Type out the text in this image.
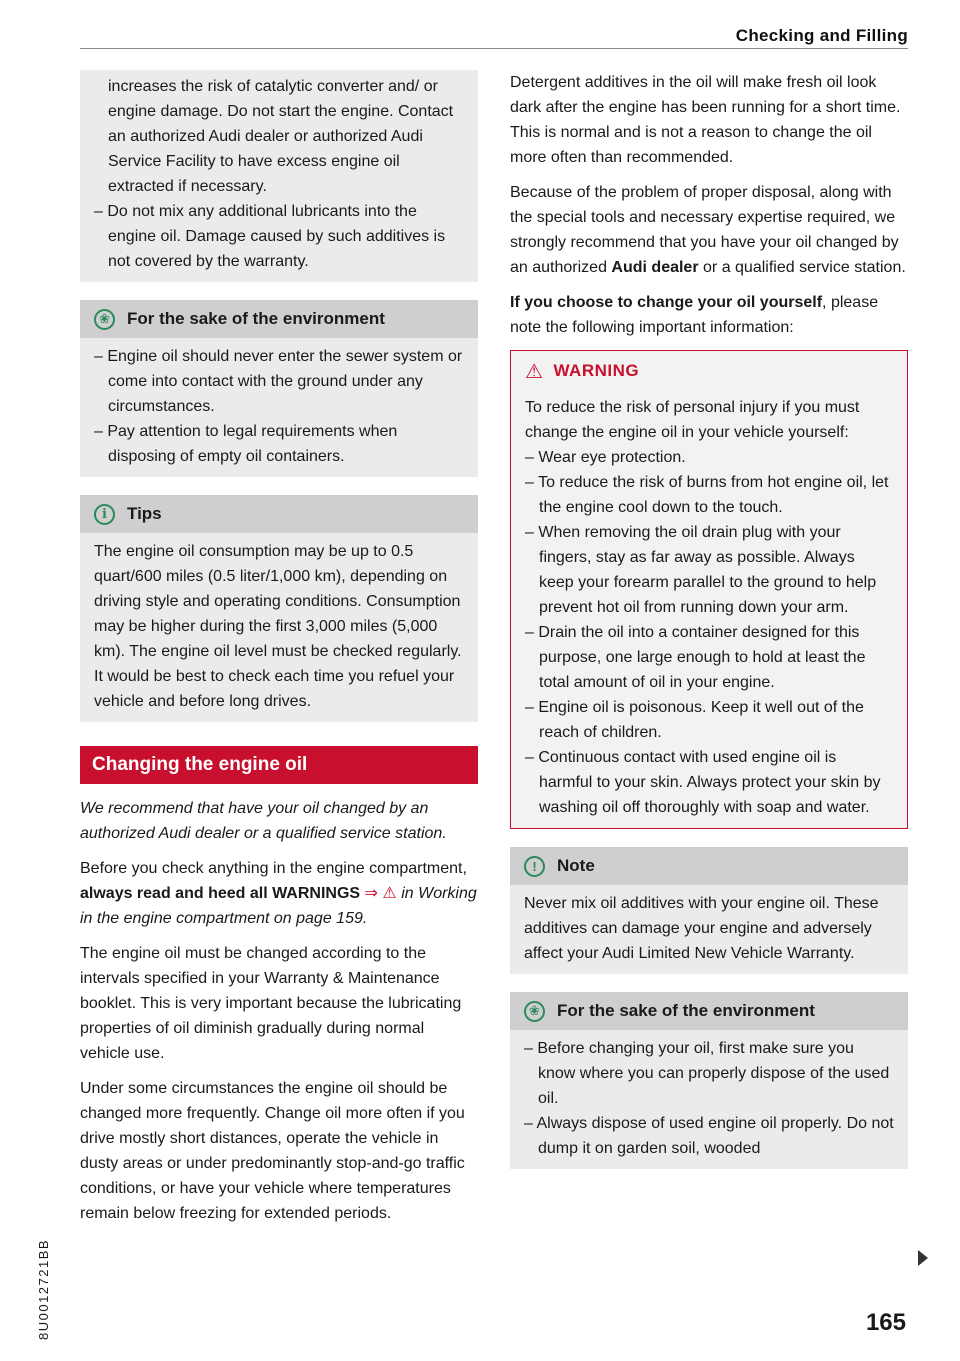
Checking and Filling

increases the risk of catalytic converter and/ or engine damage. Do not start the engine. Contact an authorized Audi dealer or authorized Audi Service Facility to have excess engine oil extracted if necessary.

– Do not mix any additional lubricants into the engine oil. Damage caused by such additives is not covered by the warranty.
❀ For the sake of the environment
– Engine oil should never enter the sewer system or come into contact with the ground under any circumstances.
– Pay attention to legal requirements when disposing of empty oil containers.
i	Tips

The engine oil consumption may be up to 0.5 quart/600 miles (0.5 liter/1,000 km), depending on driving style and operating conditions. Consumption may be higher during the first 3,000 miles (5,000 km). The engine oil level must be checked regularly. It would be best to check each time you refuel your vehicle and before long drives.

Changing the engine oil

We recommend that have your oil changed by an authorized Audi dealer or a qualified service station.

Before you check anything in the engine compartment, always read and heed all WARNINGS ⇒ ⚠ in Working in the engine compartment on page 159.

The engine oil must be changed according to the intervals specified in your Warranty & Maintenance booklet. This is very important because the lubricating properties of oil diminish gradually during normal vehicle use.

Under some circumstances the engine oil should be changed more frequently. Change oil more often if you drive mostly short distances, operate the vehicle in dusty areas or under predominantly stop-and-go traffic conditions, or have your vehicle where temperatures remain below freezing for extended periods.

Detergent additives in the oil will make fresh oil look dark after the engine has been running for a short time. This is normal and is not a reason to change the oil more often than recommended.

Because of the problem of proper disposal, along with the special tools and necessary expertise required, we strongly recommend that you have your oil changed by an authorized Audi dealer or a qualified service station.

If you choose to change your oil yourself, please note the following important information:

⚠ WARNING

To reduce the risk of personal injury if you must change the engine oil in your vehicle yourself:

– Wear eye protection.
– To reduce the risk of burns from hot engine oil, let the engine cool down to the touch.
– When removing the oil drain plug with your fingers, stay as far away as possible. Always keep your forearm parallel to the ground to help prevent hot oil from running down your arm.
– Drain the oil into a container designed for this purpose, one large enough to hold at least the total amount of oil in your engine.
– Engine oil is poisonous. Keep it well out of the reach of children.
– Continuous contact with used engine oil is harmful to your skin. Always protect your skin by washing oil off thoroughly with soap and water.
!	Note

Never mix oil additives with your engine oil. These additives can damage your engine and adversely affect your Audi Limited New Vehicle Warranty.

❀ For the sake of the environment
– Before changing your oil, first make sure you know where you can properly dispose of the used oil.
– Always dispose of used engine oil properly. Do not dump it on garden soil, wooded
8U0012721BB	165
